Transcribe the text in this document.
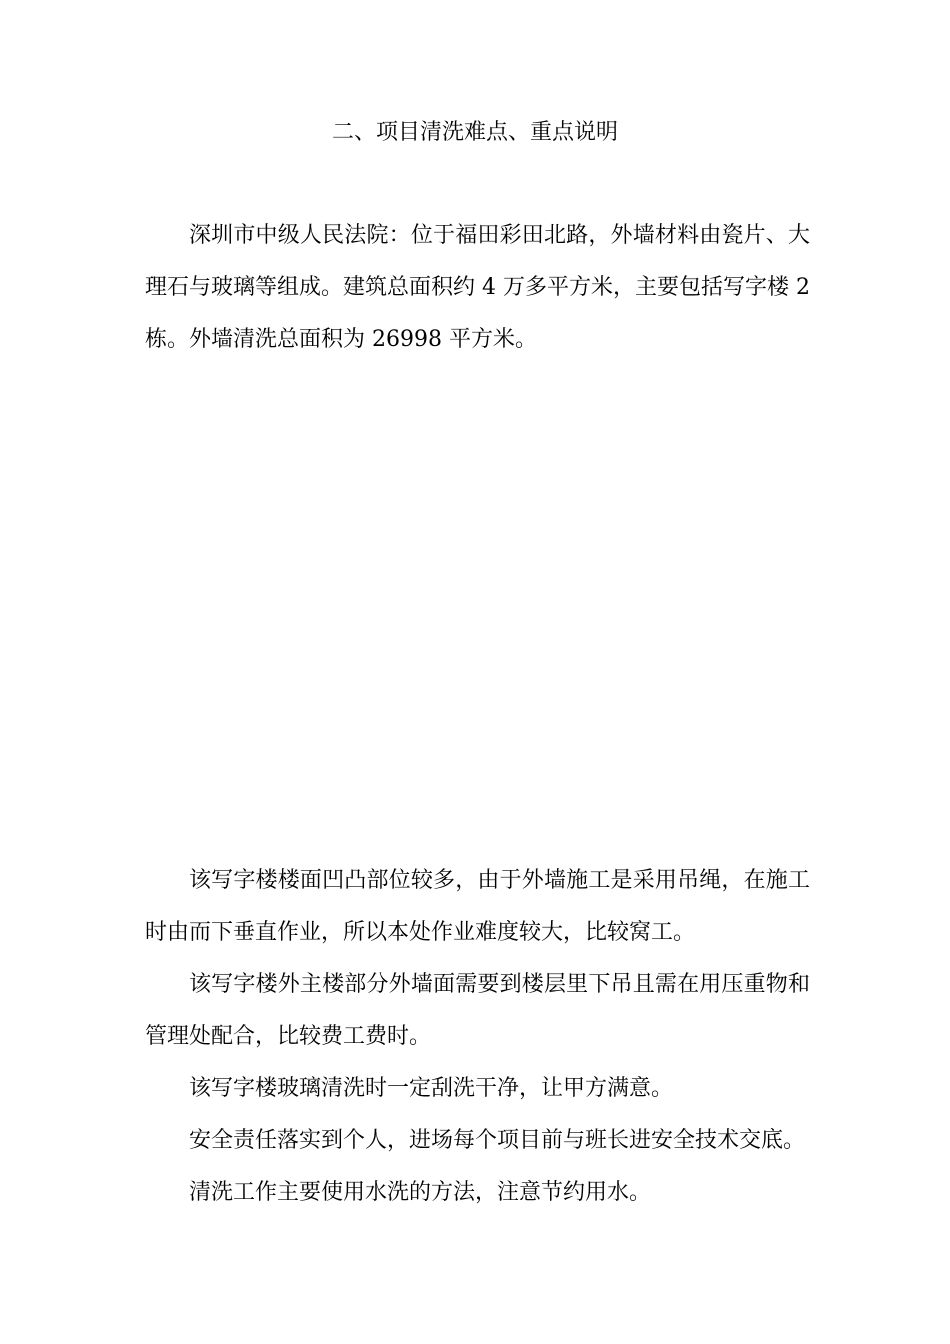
二、项目清洗难点、重点说明

深圳市中级人民法院：位于福田彩田北路，外墙材料由瓷片、大理石与玻璃等组成。建筑总面积约 4 万多平方米，主要包括写字楼 2 栋。外墙清洗总面积为 26998 平方米。

该写字楼楼面凹凸部位较多，由于外墙施工是采用吊绳，在施工时由而下垂直作业，所以本处作业难度较大，比较窝工。

该写字楼外主楼部分外墙面需要到楼层里下吊且需在用压重物和管理处配合，比较费工费时。

该写字楼玻璃清洗时一定刮洗干净，让甲方满意。

安全责任落实到个人，进场每个项目前与班长进安全技术交底。

清洗工作主要使用水洗的方法，注意节约用水。
